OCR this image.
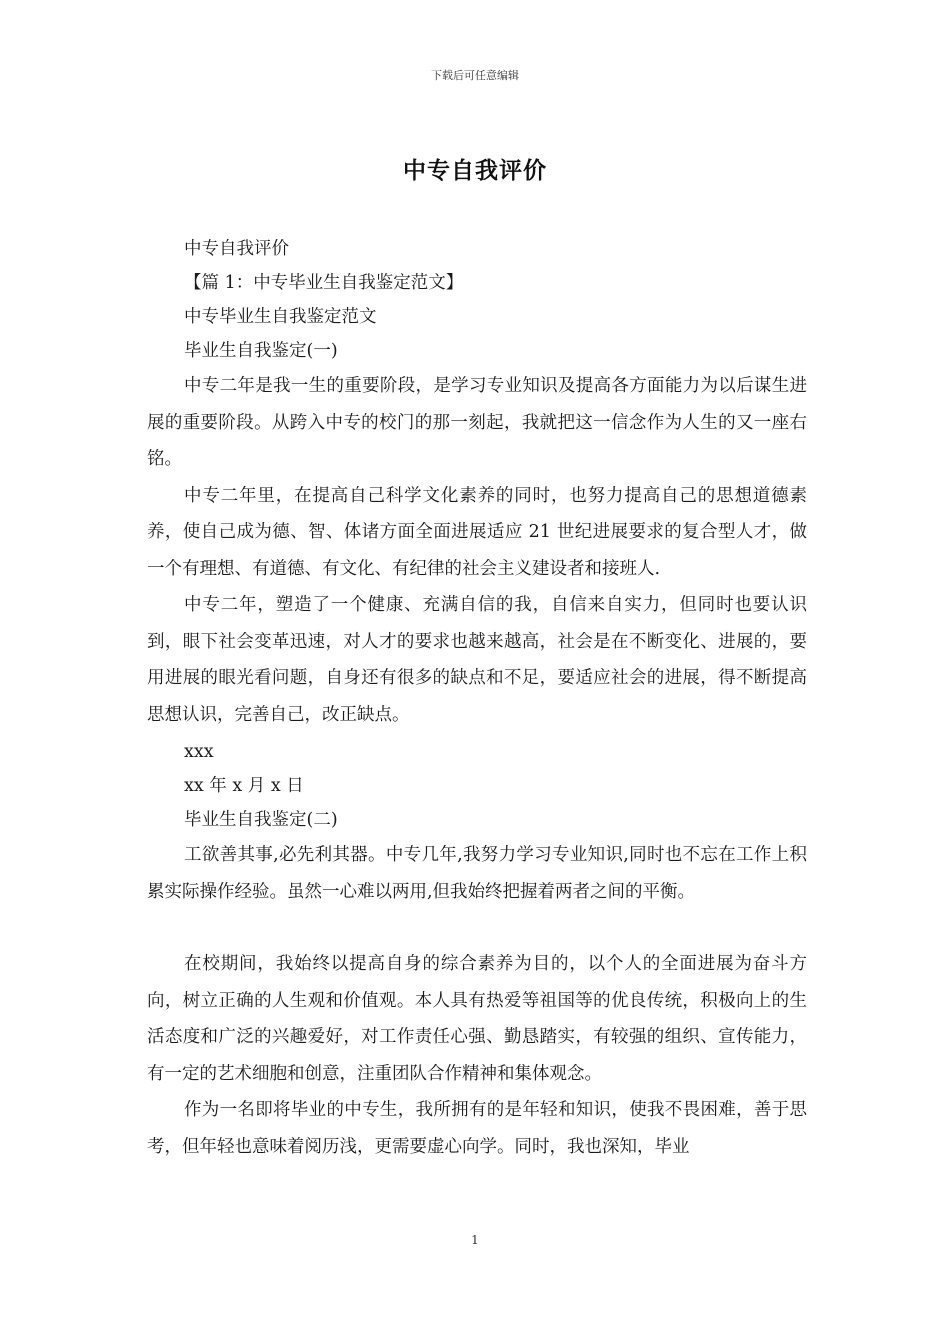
下载后可任意编辑
中专自我评价
中专自我评价
【篇 1：中专毕业生自我鉴定范文】
中专毕业生自我鉴定范文
毕业生自我鉴定(一)

中专二年是我一生的重要阶段，是学习专业知识及提高各方面能力为以后谋生进展的重要阶段。从跨入中专的校门的那一刻起，我就把这一信念作为人生的又一座右铭。

中专二年里，在提高自己科学文化素养的同时，也努力提高自己的思想道德素养，使自己成为德、智、体诸方面全面进展适应 21 世纪进展要求的复合型人才，做一个有理想、有道德、有文化、有纪律的社会主义建设者和接班人.

中专二年，塑造了一个健康、充满自信的我，自信来自实力，但同时也要认识到，眼下社会变革迅速，对人才的要求也越来越高，社会是在不断变化、进展的，要用进展的眼光看问题，自身还有很多的缺点和不足，要适应社会的进展，得不断提高思想认识，完善自己，改正缺点。

xxx
xx 年 x 月 x 日
毕业生自我鉴定(二)

工欲善其事,必先利其器。中专几年,我努力学习专业知识,同时也不忘在工作上积累实际操作经验。虽然一心难以两用,但我始终把握着两者之间的平衡。

在校期间，我始终以提高自身的综合素养为目的，以个人的全面进展为奋斗方向，树立正确的人生观和价值观。本人具有热爱等祖国等的优良传统，积极向上的生活态度和广泛的兴趣爱好，对工作责任心强、勤恳踏实，有较强的组织、宣传能力，有一定的艺术细胞和创意，注重团队合作精神和集体观念。

作为一名即将毕业的中专生，我所拥有的是年轻和知识，使我不畏困难，善于思考，但年轻也意味着阅历浅，更需要虚心向学。同时，我也深知，毕业

1
